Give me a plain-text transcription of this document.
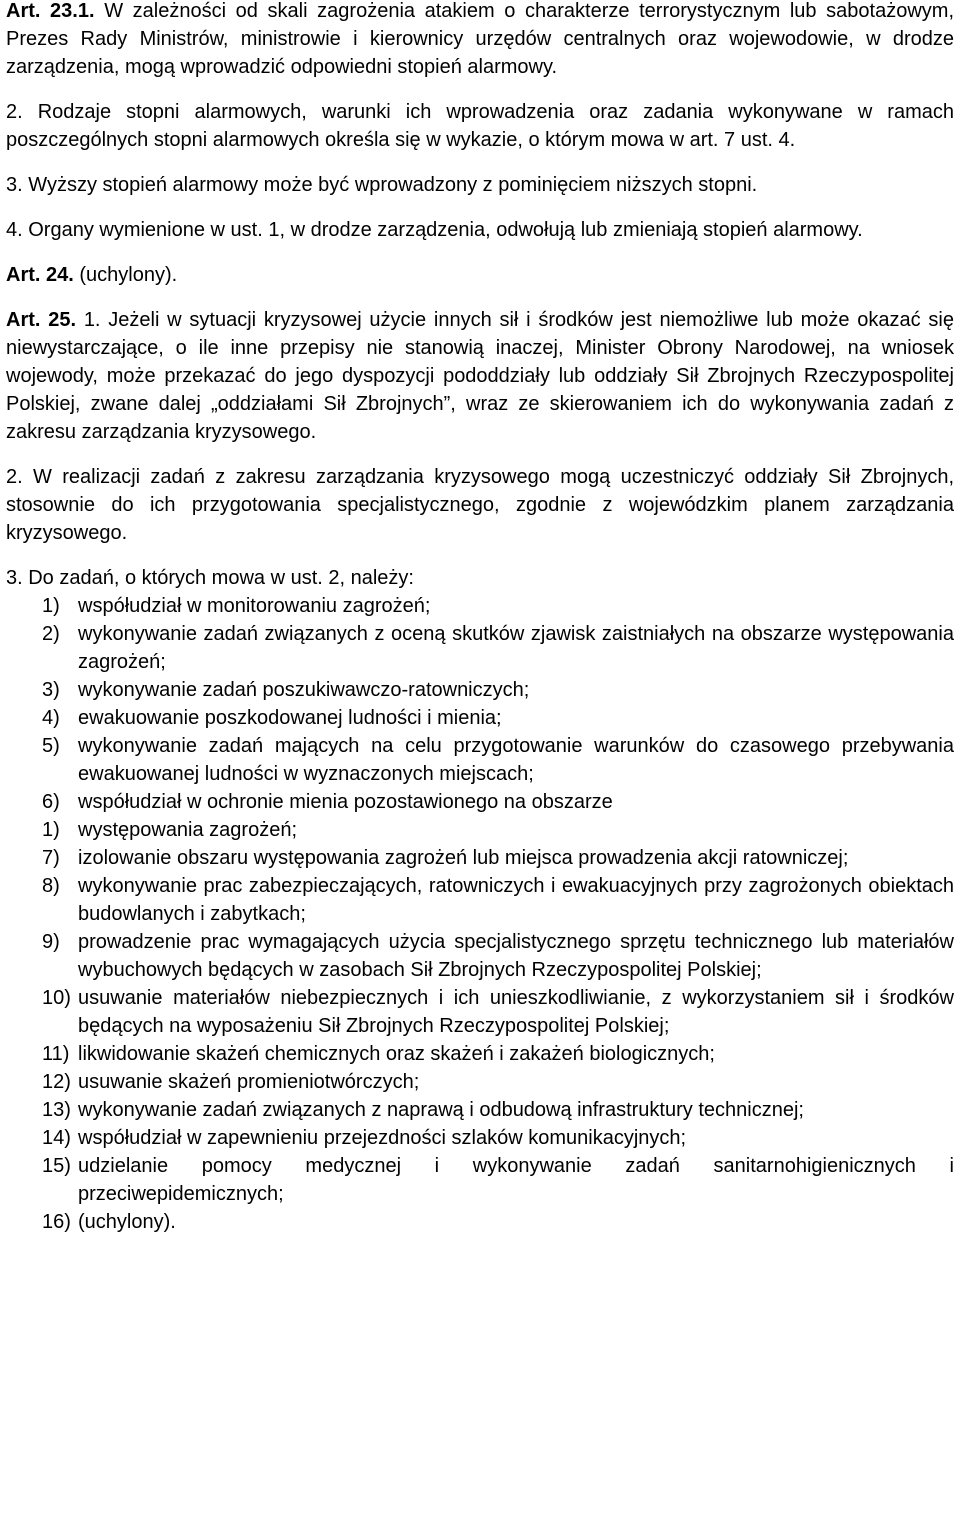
Art. 23.1. W zależności od skali zagrożenia atakiem o charakterze terrorystycznym lub sabotażowym, Prezes Rady Ministrów, ministrowie i kierownicy urzędów centralnych oraz wojewodowie, w drodze zarządzenia, mogą wprowadzić odpowiedni stopień alarmowy.

2. Rodzaje stopni alarmowych, warunki ich wprowadzenia oraz zadania wykonywane w ramach poszczególnych stopni alarmowych określa się w wykazie, o którym mowa w art. 7 ust. 4.

3. Wyższy stopień alarmowy może być wprowadzony z pominięciem niższych stopni.

4. Organy wymienione w ust. 1, w drodze zarządzenia, odwołują lub zmieniają stopień alarmowy.

Art. 24. (uchylony).

Art. 25. 1. Jeżeli w sytuacji kryzysowej użycie innych sił i środków jest niemożliwe lub może okazać się niewystarczające, o ile inne przepisy nie stanowią inaczej, Minister Obrony Narodowej, na wniosek wojewody, może przekazać do jego dyspozycji pododdziały lub oddziały Sił Zbrojnych Rzeczypospolitej Polskiej, zwane dalej „oddziałami Sił Zbrojnych”, wraz ze skierowaniem ich do wykonywania zadań z zakresu zarządzania kryzysowego.

2. W realizacji zadań z zakresu zarządzania kryzysowego mogą uczestniczyć oddziały Sił Zbrojnych, stosownie do ich przygotowania specjalistycznego, zgodnie z wojewódzkim planem zarządzania kryzysowego.

3. Do zadań, o których mowa w ust. 2, należy:

1) współudział w monitorowaniu zagrożeń;
2) wykonywanie zadań związanych z oceną skutków zjawisk zaistniałych na obszarze występowania zagrożeń;
3) wykonywanie zadań poszukiwawczo-ratowniczych;
4) ewakuowanie poszkodowanej ludności i mienia;
5) wykonywanie zadań mających na celu przygotowanie warunków do czasowego przebywania ewakuowanej ludności w wyznaczonych miejscach;
6) współudział w ochronie mienia pozostawionego na obszarze
1) występowania zagrożeń;
7) izolowanie obszaru występowania zagrożeń lub miejsca prowadzenia akcji ratowniczej;
8) wykonywanie prac zabezpieczających, ratowniczych i ewakuacyjnych przy zagrożonych obiektach budowlanych i zabytkach;
9) prowadzenie prac wymagających użycia specjalistycznego sprzętu technicznego lub materiałów wybuchowych będących w zasobach Sił Zbrojnych Rzeczypospolitej Polskiej;
10) usuwanie materiałów niebezpiecznych i ich unieszkodliwianie, z wykorzystaniem sił i środków będących na wyposażeniu Sił Zbrojnych Rzeczypospolitej Polskiej;
11) likwidowanie skażeń chemicznych oraz skażeń i zakażeń biologicznych;
12) usuwanie skażeń promieniotwórczych;
13) wykonywanie zadań związanych z naprawą i odbudową infrastruktury technicznej;
14) współudział w zapewnieniu przejezdności szlaków komunikacyjnych;
15) udzielanie pomocy medycznej i wykonywanie zadań sanitarnohigienicznych i przeciwepidemicznych;
16) (uchylony).
